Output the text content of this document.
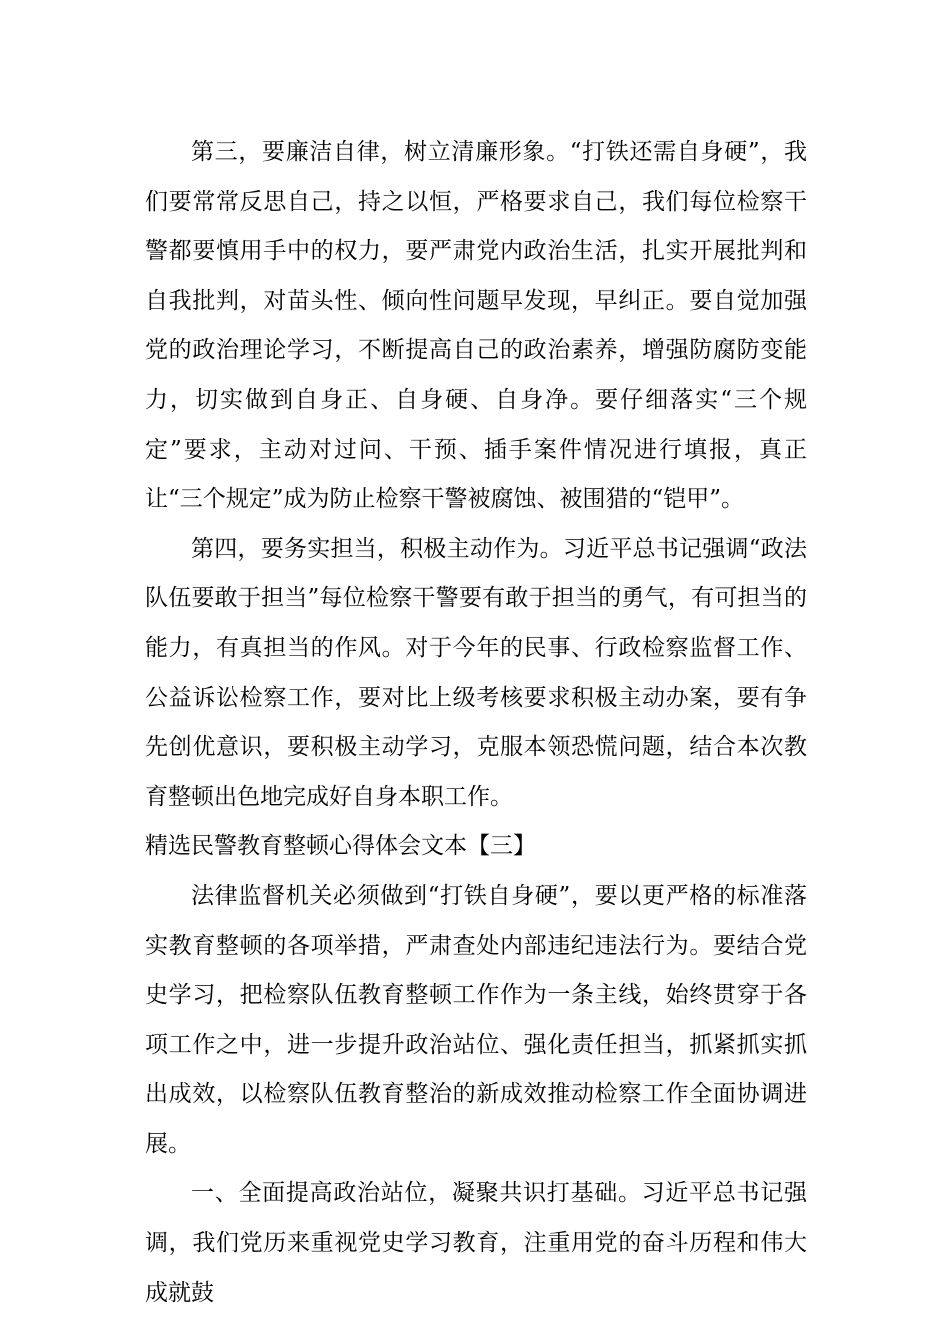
第三，要廉洁自律，树立清廉形象。“打铁还需自身硬”，我们要常常反思自己，持之以恒，严格要求自己，我们每位检察干警都要慎用手中的权力，要严肃党内政治生活，扎实开展批判和自我批判，对苗头性、倾向性问题早发现，早纠正。要自觉加强党的政治理论学习，不断提高自己的政治素养，增强防腐防变能力，切实做到自身正、自身硬、自身净。要仔细落实“三个规定”要求，主动对过问、干预、插手案件情况进行填报，真正让“三个规定”成为防止检察干警被腐蚀、被围猎的“铠甲”。

第四，要务实担当，积极主动作为。习近平总书记强调“政法队伍要敢于担当”每位检察干警要有敢于担当的勇气，有可担当的能力，有真担当的作风。对于今年的民事、行政检察监督工作、公益诉讼检察工作，要对比上级考核要求积极主动办案，要有争先创优意识，要积极主动学习，克服本领恐慌问题，结合本次教育整顿出色地完成好自身本职工作。

精选民警教育整顿心得体会文本【三】

法律监督机关必须做到“打铁自身硬”，要以更严格的标准落实教育整顿的各项举措，严肃查处内部违纪违法行为。要结合党史学习，把检察队伍教育整顿工作作为一条主线，始终贯穿于各项工作之中，进一步提升政治站位、强化责任担当，抓紧抓实抓出成效，以检察队伍教育整治的新成效推动检察工作全面协调进展。

一、全面提高政治站位，凝聚共识打基础。习近平总书记强调，我们党历来重视党史学习教育，注重用党的奋斗历程和伟大成就鼓
